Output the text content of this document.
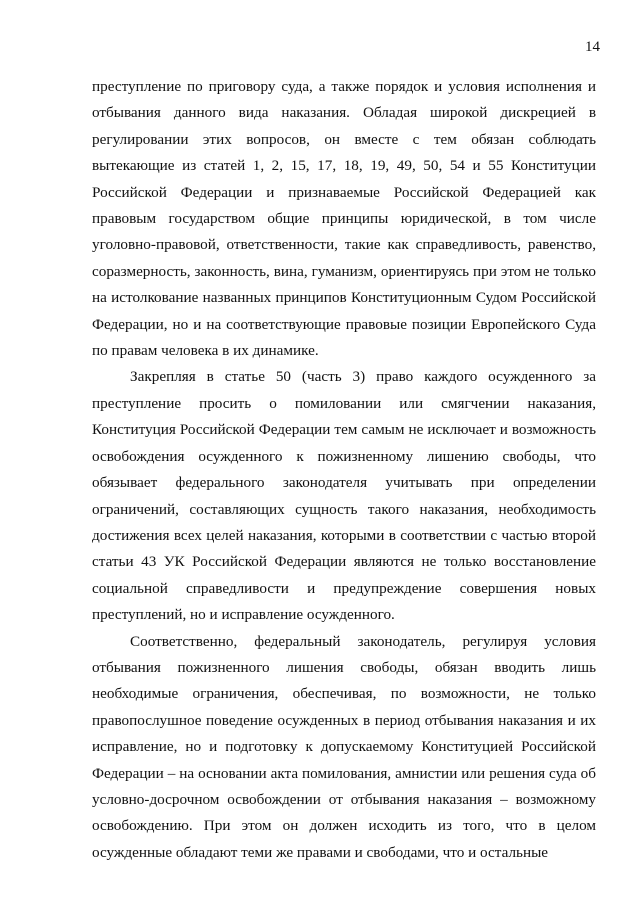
14

преступление по приговору суда, а также порядок и условия исполнения и отбывания данного вида наказания. Обладая широкой дискрецией в регулировании этих вопросов, он вместе с тем обязан соблюдать вытекающие из статей 1, 2, 15, 17, 18, 19, 49, 50, 54 и 55 Конституции Российской Федерации и признаваемые Российской Федерацией как правовым государством общие принципы юридической, в том числе уголовно-правовой, ответственности, такие как справедливость, равенство, соразмерность, законность, вина, гуманизм, ориентируясь при этом не только на истолкование названных принципов Конституционным Судом Российской Федерации, но и на соответствующие правовые позиции Европейского Суда по правам человека в их динамике.

Закрепляя в статье 50 (часть 3) право каждого осужденного за преступление просить о помиловании или смягчении наказания, Конституция Российской Федерации тем самым не исключает и возможность освобождения осужденного к пожизненному лишению свободы, что обязывает федерального законодателя учитывать при определении ограничений, составляющих сущность такого наказания, необходимость достижения всех целей наказания, которыми в соответствии с частью второй статьи 43 УК Российской Федерации являются не только восстановление социальной справедливости и предупреждение совершения новых преступлений, но и исправление осужденного.

Соответственно, федеральный законодатель, регулируя условия отбывания пожизненного лишения свободы, обязан вводить лишь необходимые ограничения, обеспечивая, по возможности, не только правопослушное поведение осужденных в период отбывания наказания и их исправление, но и подготовку к допускаемому Конституцией Российской Федерации – на основании акта помилования, амнистии или решения суда об условно-досрочном освобождении от отбывания наказания – возможному освобождению. При этом он должен исходить из того, что в целом осужденные обладают теми же правами и свободами, что и остальные
